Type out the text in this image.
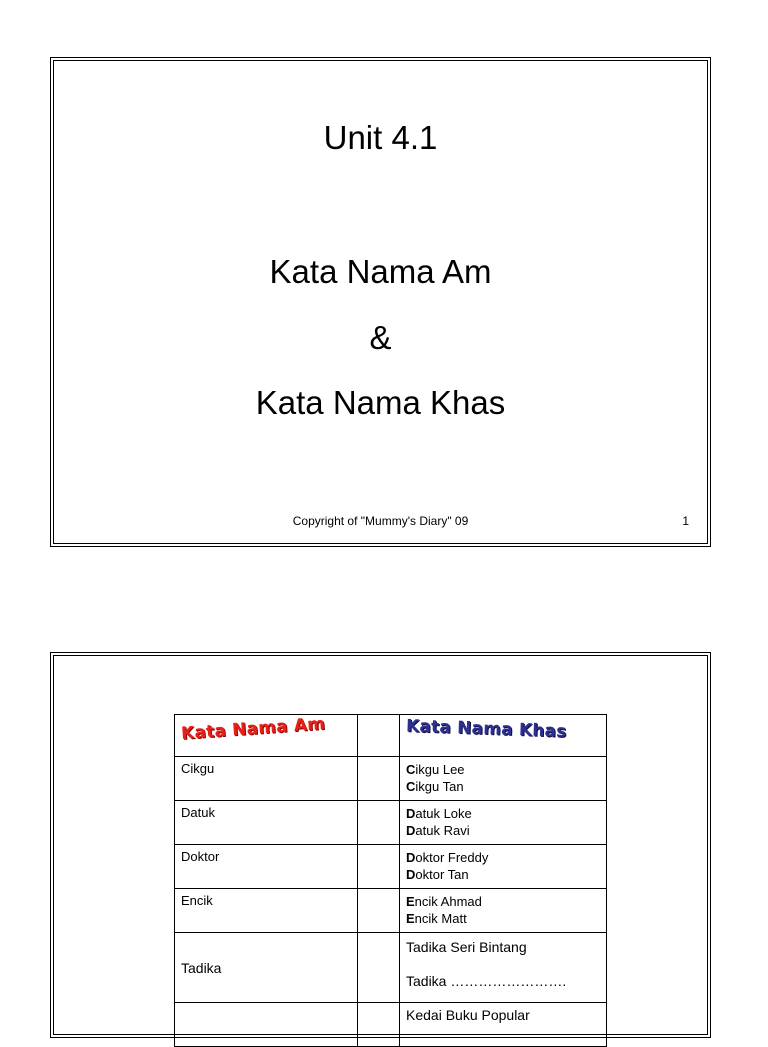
Unit 4.1
Kata Nama Am
&
Kata Nama Khas
Copyright of "Mummy's Diary" 09	1
Kata Nama Am		Kata Nama Khas
Cikgu		Cikgu Lee
Cikgu Tan

Datuk		Datuk Loke
Datuk Ravi

Doktor		Doktor Freddy
Doktor Tan

Encik		Encik Ahmad
Encik Matt

Tadika		Tadika Seri Bintang
Tadika …………………….

		Kedai Buku Popular
